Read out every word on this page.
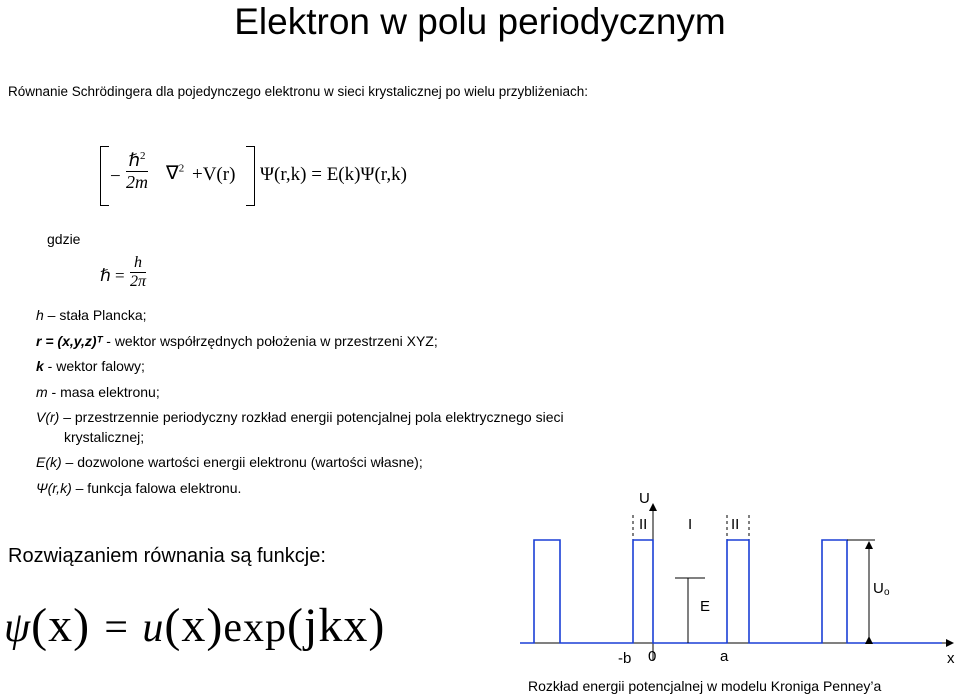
Elektron w polu periodycznym
Równanie Schrödingera dla pojedynczego elektronu w sieci krystalicznej po wielu przybliżeniach:
−
ℏ$^2$
2m ∇$^2$ +V(r) Ψ(r,k) = E(k)Ψ(r,k)
gdzie
ℏ = $\frac{h}{2\pi}$
h – stała Plancka;
r = (x,y,z)ᵀ - wektor współrzędnych położenia w przestrzeni XYZ;
k - wektor falowy;
m - masa elektronu;
V(r) – przestrzennie periodyczny rozkład energii potencjalnej pola elektrycznego sieci
krystalicznej;
E(k) – dozwolone wartości energii elektronu (wartości własne);
Ψ(r,k) – funkcja falowa elektronu.
Rozwiązaniem równania są funkcje:
ψ(x) = u(x)exp(jkx)
U
II	I	II
E
U o
-b 0	a	x
Rozkład energii potencjalnej w modelu Kroniga Penney’a
